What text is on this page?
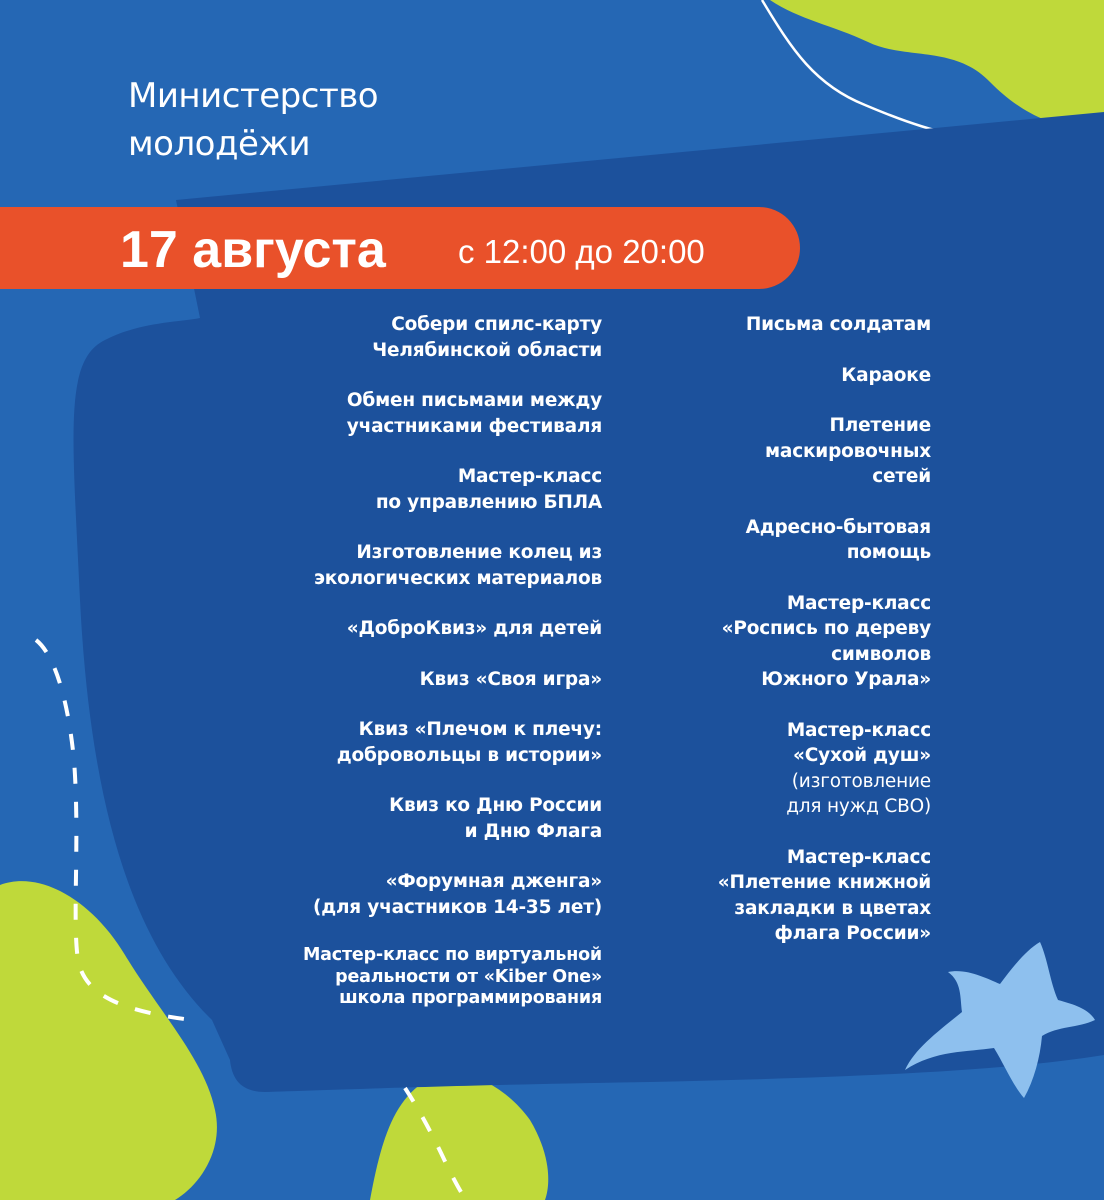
Министерство
молодёжи
17 августа с 12:00 до 20:00
Собери спилс-карту
Челябинской области
Обмен письмами между
участниками фестиваля
Мастер-класс
по управлению БПЛА
Изготовление колец из
экологических материалов
«ДоброКвиз» для детей
Квиз «Своя игра»
Квиз «Плечом к плечу:
добровольцы в истории»
Квиз ко Дню России
и Дню Флага
«Форумная дженга»
(для участников 14-35 лет)
Мастер-класс по виртуальной
реальности от «Kiber One»
школа программирования
Письма солдатам
Караоке
Плетение
маскировочных
сетей
Адресно-бытовая
помощь
Мастер-класс
«Роспись по дереву
символов
Южного Урала»
Мастер-класс
«Сухой душ»
(изготовление
для нужд СВО)
Мастер-класс
«Плетение книжной
закладки в цветах
флага России»
